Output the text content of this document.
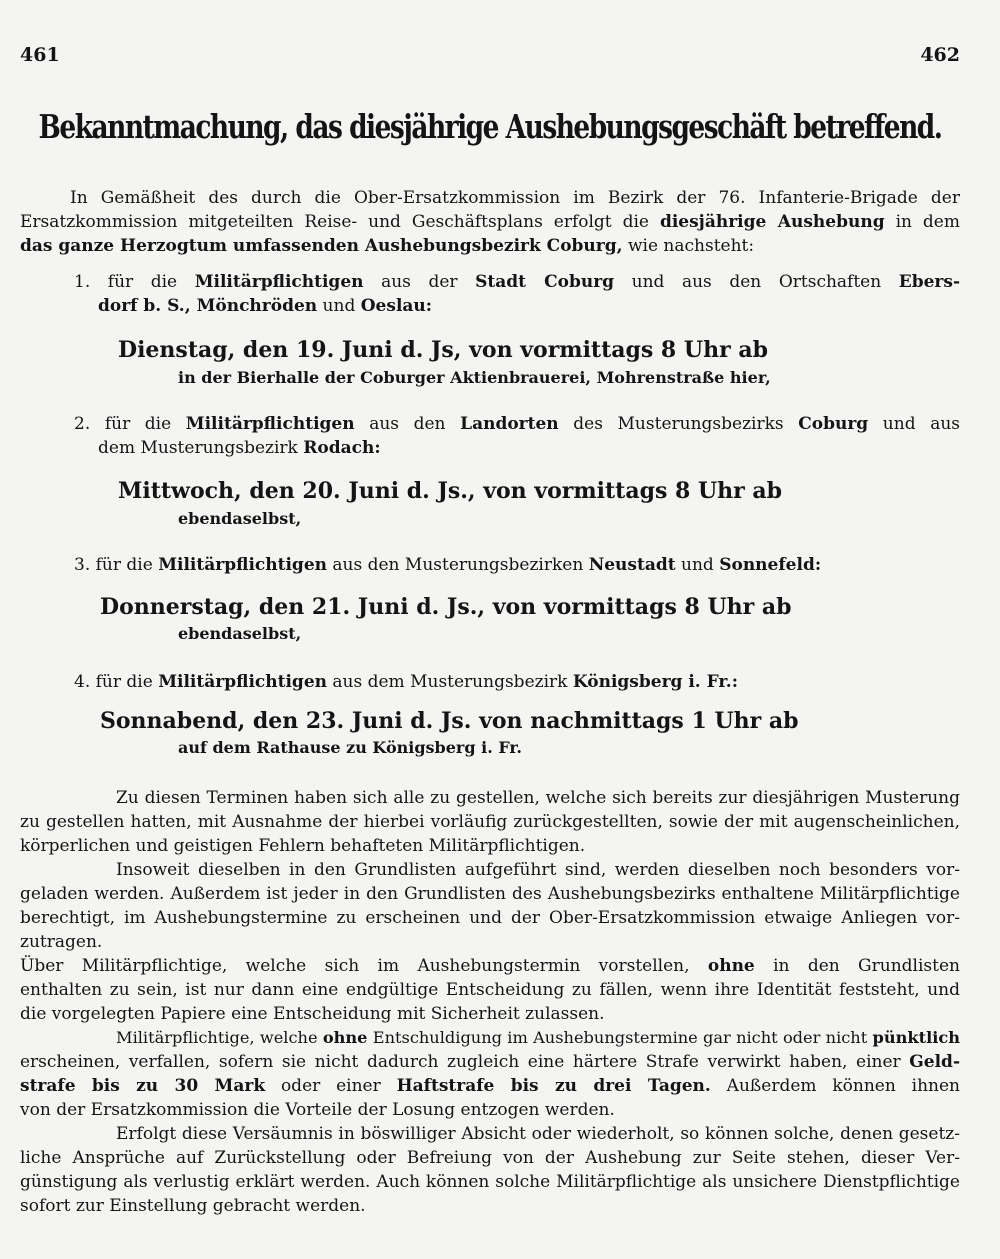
461	462
Bekanntmachung, das diesjährige Aushebungsgeschäft betreffend.
In Gemäßheit des durch die Ober-Ersatzkommission im Bezirk der 76. Infanterie-Brigade der
Ersatzkommission mitgeteilten Reise- und Geschäftsplans erfolgt die diesjährige Aushebung in dem
das ganze Herzogtum umfassenden Aushebungsbezirk Coburg, wie nachsteht:
1. für die Militärpflichtigen aus der Stadt Coburg und aus den Ortschaften Ebers-
dorf b. S., Mönchröden und Oeslau:
Dienstag, den 19. Juni d. Js, von vormittags 8 Uhr ab
in der Bierhalle der Coburger Aktienbrauerei, Mohrenstraße hier,
2. für die Militärpflichtigen aus den Landorten des Musterungsbezirks Coburg und aus
dem Musterungsbezirk Rodach:
Mittwoch, den 20. Juni d. Js., von vormittags 8 Uhr ab
ebendaselbst,
3. für die Militärpflichtigen aus den Musterungsbezirken Neustadt und Sonnefeld:
Donnerstag, den 21. Juni d. Js., von vormittags 8 Uhr ab
ebendaselbst,
4. für die Militärpflichtigen aus dem Musterungsbezirk Königsberg i. Fr.:
Sonnabend, den 23. Juni d. Js. von nachmittags 1 Uhr ab
auf dem Rathause zu Königsberg i. Fr.
Zu diesen Terminen haben sich alle zu gestellen, welche sich bereits zur diesjährigen Musterung
zu gestellen hatten, mit Ausnahme der hierbei vorläufig zurückgestellten, sowie der mit augenscheinlichen,
körperlichen und geistigen Fehlern behafteten Militärpflichtigen.
Insoweit dieselben in den Grundlisten aufgeführt sind, werden dieselben noch besonders vor-
geladen werden. Außerdem ist jeder in den Grundlisten des Aushebungsbezirks enthaltene Militärpflichtige
berechtigt, im Aushebungstermine zu erscheinen und der Ober-Ersatzkommission etwaige Anliegen vor-
zutragen.
Über Militärpflichtige, welche sich im Aushebungstermin vorstellen, ohne in den Grundlisten
enthalten zu sein, ist nur dann eine endgültige Entscheidung zu fällen, wenn ihre Identität feststeht, und
die vorgelegten Papiere eine Entscheidung mit Sicherheit zulassen.
Militärpflichtige, welche ohne Entschuldigung im Aushebungstermine gar nicht oder nicht pünktlich
erscheinen, verfallen, sofern sie nicht dadurch zugleich eine härtere Strafe verwirkt haben, einer Geld-
strafe bis zu 30 Mark oder einer Haftstrafe bis zu drei Tagen. Außerdem können ihnen
von der Ersatzkommission die Vorteile der Losung entzogen werden.
Erfolgt diese Versäumnis in böswilliger Absicht oder wiederholt, so können solche, denen gesetz-
liche Ansprüche auf Zurückstellung oder Befreiung von der Aushebung zur Seite stehen, dieser Ver-
günstigung als verlustig erklärt werden. Auch können solche Militärpflichtige als unsichere Dienstpflichtige
sofort zur Einstellung gebracht werden.
